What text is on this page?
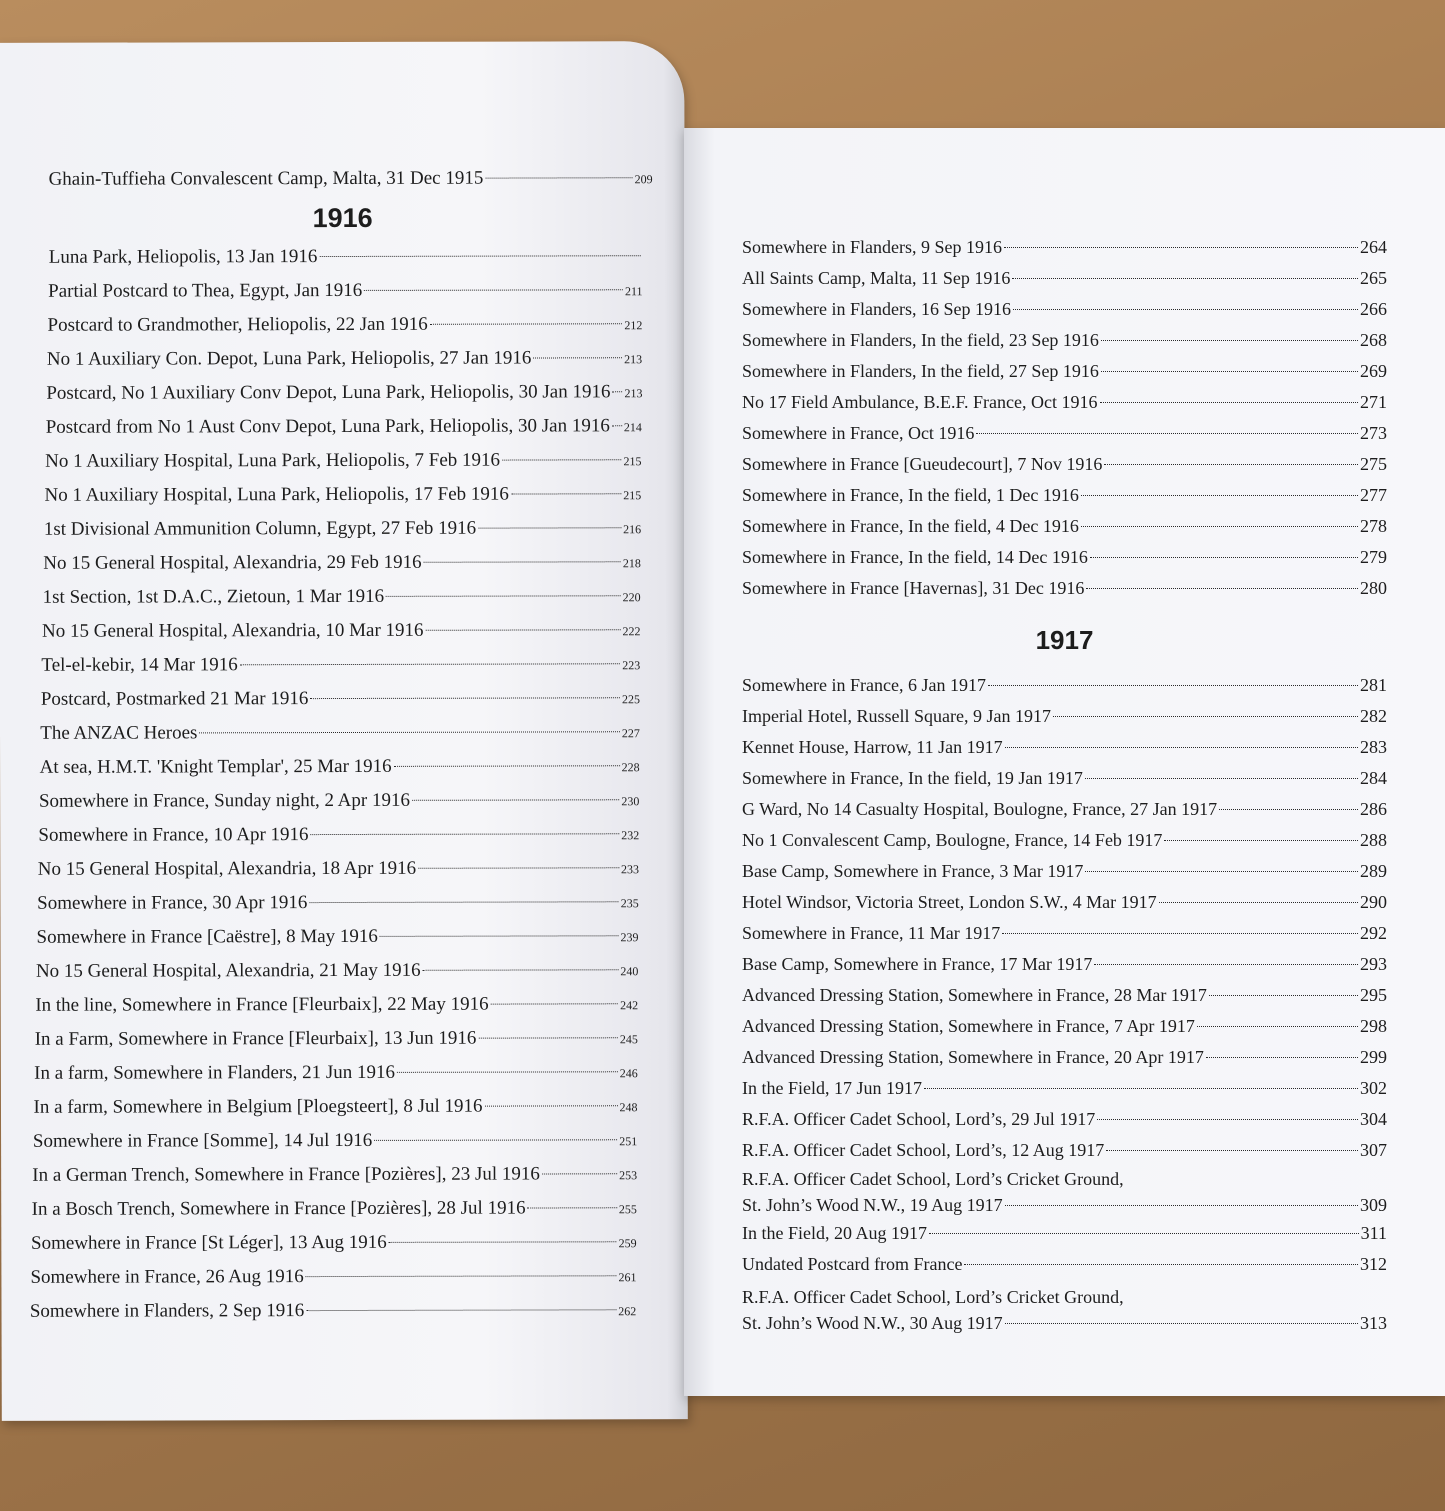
Ghain-Tuffieha Convalescent Camp, Malta, 31 Dec 1915	209
1916
Luna Park, Heliopolis, 13 Jan 1916
Partial Postcard to Thea, Egypt, Jan 1916	211
Postcard to Grandmother, Heliopolis, 22 Jan 1916	212
No 1 Auxiliary Con. Depot, Luna Park, Heliopolis, 27 Jan 1916	213
Postcard, No 1 Auxiliary Conv Depot, Luna Park, Heliopolis, 30 Jan 1916 213
Postcard from No 1 Aust Conv Depot, Luna Park, Heliopolis, 30 Jan 1916 214
No 1 Auxiliary Hospital, Luna Park, Heliopolis, 7 Feb 1916	215
No 1 Auxiliary Hospital, Luna Park, Heliopolis, 17 Feb 1916	215
1st Divisional Ammunition Column, Egypt, 27 Feb 1916	216
No 15 General Hospital, Alexandria, 29 Feb 1916	218
1st Section, 1st D.A.C., Zietoun, 1 Mar 1916	220
No 15 General Hospital, Alexandria, 10 Mar 1916	222
Tel-el-kebir, 14 Mar 1916	223
Postcard, Postmarked 21 Mar 1916	225
The ANZAC Heroes	227
At sea, H.M.T. 'Knight Templar', 25 Mar 1916	228
Somewhere in France, Sunday night, 2 Apr 1916	230
Somewhere in France, 10 Apr 1916	232
No 15 General Hospital, Alexandria, 18 Apr 1916	233
Somewhere in France, 30 Apr 1916	235
Somewhere in France [Caëstre], 8 May 1916	239
No 15 General Hospital, Alexandria, 21 May 1916	240
In the line, Somewhere in France [Fleurbaix], 22 May 1916	242
In a Farm, Somewhere in France [Fleurbaix], 13 Jun 1916	245
In a farm, Somewhere in Flanders, 21 Jun 1916	246
In a farm, Somewhere in Belgium [Ploegsteert], 8 Jul 1916	248
Somewhere in France [Somme], 14 Jul 1916	251
In a German Trench, Somewhere in France [Pozières], 23 Jul 1916	253
In a Bosch Trench, Somewhere in France [Pozières], 28 Jul 1916	255
Somewhere in France [St Léger], 13 Aug 1916	259
Somewhere in France, 26 Aug 1916	261
Somewhere in Flanders, 2 Sep 1916	262
Somewhere in Flanders, 9 Sep 1916	264
All Saints Camp, Malta, 11 Sep 1916	265
Somewhere in Flanders, 16 Sep 1916	266
Somewhere in Flanders, In the field, 23 Sep 1916	268
Somewhere in Flanders, In the field, 27 Sep 1916	269
No 17 Field Ambulance, B.E.F. France, Oct 1916	271
Somewhere in France, Oct 1916	273
Somewhere in France [Gueudecourt], 7 Nov 1916	275
Somewhere in France, In the field, 1 Dec 1916	277
Somewhere in France, In the field, 4 Dec 1916	278
Somewhere in France, In the field, 14 Dec 1916	279
Somewhere in France [Havernas], 31 Dec 1916	280
1917
Somewhere in France, 6 Jan 1917	281
Imperial Hotel, Russell Square, 9 Jan 1917	282
Kennet House, Harrow, 11 Jan 1917	283
Somewhere in France, In the field, 19 Jan 1917	284
G Ward, No 14 Casualty Hospital, Boulogne, France, 27 Jan 1917	286
No 1 Convalescent Camp, Boulogne, France, 14 Feb 1917	288
Base Camp, Somewhere in France, 3 Mar 1917	289
Hotel Windsor, Victoria Street, London S.W., 4 Mar 1917	290
Somewhere in France, 11 Mar 1917	292
Base Camp, Somewhere in France, 17 Mar 1917	293
Advanced Dressing Station, Somewhere in France, 28 Mar 1917	295
Advanced Dressing Station, Somewhere in France, 7 Apr 1917	298
Advanced Dressing Station, Somewhere in France, 20 Apr 1917	299
In the Field, 17 Jun 1917	302
R.F.A. Officer Cadet School, Lord’s, 29 Jul 1917	304
R.F.A. Officer Cadet School, Lord’s, 12 Aug 1917	307
R.F.A. Officer Cadet School, Lord’s Cricket Ground,
St. John’s Wood N.W., 19 Aug 1917	309
In the Field, 20 Aug 1917	311
Undated Postcard from France	312
R.F.A. Officer Cadet School, Lord’s Cricket Ground,
St. John’s Wood N.W., 30 Aug 1917	313
